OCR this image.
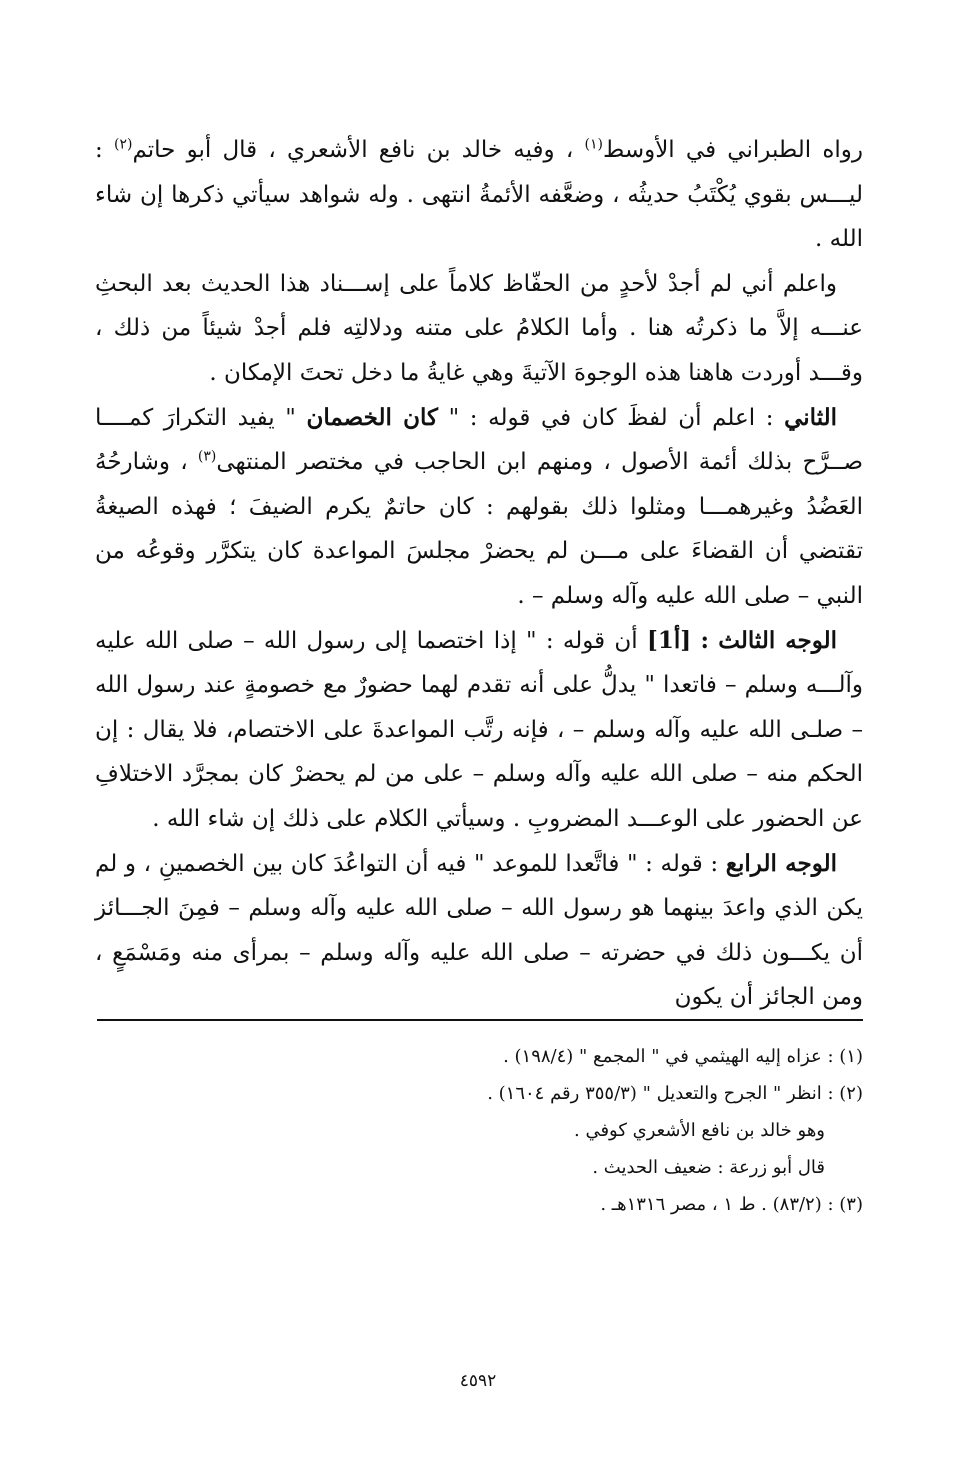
رواه الطبراني في الأوسط$^{(١)}$ ، وفيه خالد بن نافع الأشعري ، قال أبو حاتم$^{(٢)}$ : ليـــس بقوي يُكْتَبُ حديثُه ، وضعَّفه الأئمةُ انتهى . وله شواهد سيأتي ذكرها إن شاء الله .

واعلم أني لم أجدْ لأحدٍ من الحفّاظ كلاماً على إســـناد هذا الحديث بعد البحثِ عنـــه إلاَّ ما ذكرتُه هنا . وأما الكلامُ على متنه ودلالتِه فلم أجدْ شيئاً من ذلك ، وقـــد أوردت هاهنا هذه الوجوهَ الآتيةَ وهي غايةُ ما دخل تحتَ الإمكان .

الثاني : اعلم أن لفظَ كان في قوله : " كان الخصمان " يفيد التكرارَ كمــــا صــرَّح بذلك أئمة الأصول ، ومنهم ابن الحاجب في مختصر المنتهى$^{(٣)}$ ، وشارحُهُ العَضُدُ وغيرهمـــا ومثلوا ذلك بقولهم : كان حاتمٌ يكرم الضيفَ ؛ فهذه الصيغةُ تقتضي أن القضاءَ على مـــن لم يحضرْ مجلسَ المواعدة كان يتكرَّر وقوعُه من النبي – صلى الله عليه وآله وسلم – .

الوجه الثالث : [أ1] أن قوله : " إذا اختصما إلى رسول الله – صلى الله عليه وآلـــه وسلم – فاتعدا " يدلُّ على أنه تقدم لهما حضورٌ مع خصومةٍ عند رسول الله – صلـى الله عليه وآله وسلم – ، فإنه رتَّب المواعدةَ على الاختصام، فلا يقال : إن الحكم منه – صلى الله عليه وآله وسلم – على من لم يحضرْ كان بمجرَّد الاختلافِ عن الحضور على الوعـــد المضروبِ . وسيأتي الكلام على ذلك إن شاء الله .

الوجه الرابع : قوله : " فاتَّعدا للموعد " فيه أن التواعُدَ كان بين الخصمينِ ، و لم يكن الذي واعدَ بينهما هو رسول الله – صلى الله عليه وآله وسلم – فمِنَ الجـــائز أن يكـــون ذلك في حضرته – صلى الله عليه وآله وسلم – بمرأى منه ومَسْمَعٍ ، ومن الجائز أن يكون

(١) : عزاه إليه الهيثمي في " المجمع " (١٩٨/٤) .

(٢) : انظر " الجرح والتعديل " (٣٥٥/٣ رقم ١٦٠٤) .

وهو خالد بن نافع الأشعري كوفي .

قال أبو زرعة : ضعيف الحديث .

(٣) : (٨٣/٢) . ط ١ ، مصر ١٣١٦هـ .

٤٥٩٢
